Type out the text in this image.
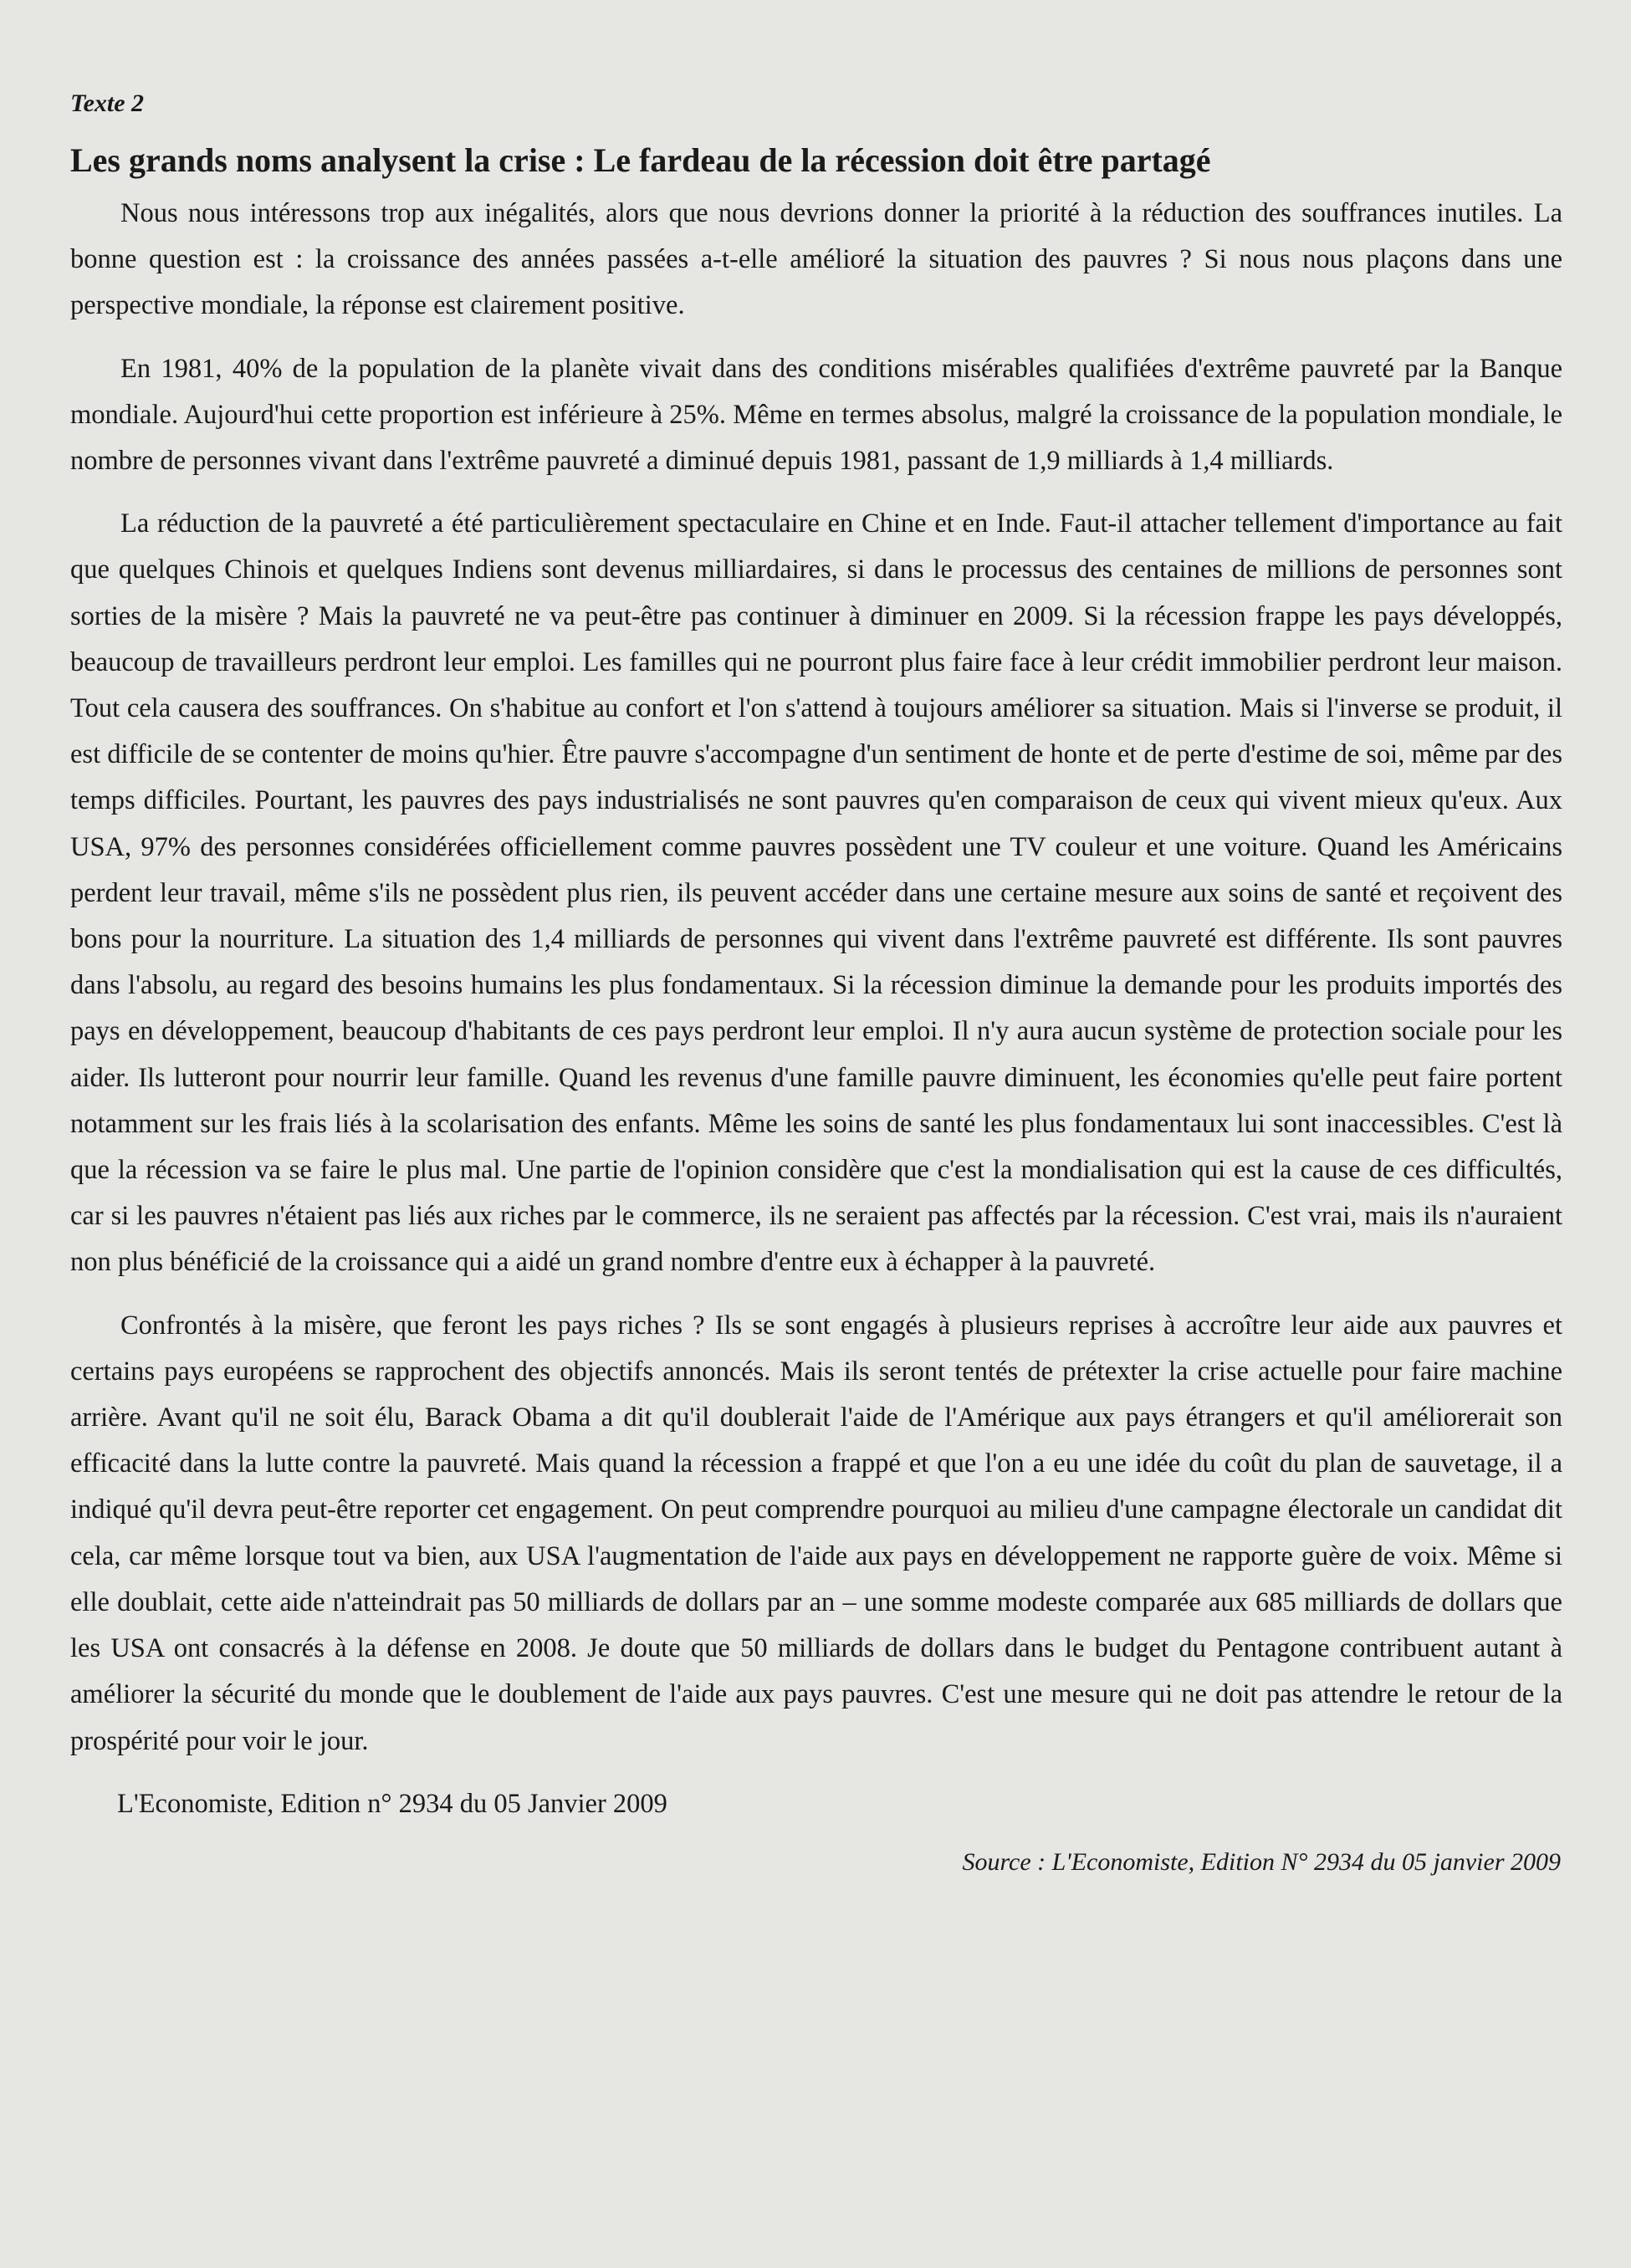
Texte 2
Les grands noms analysent la crise : Le fardeau de la récession doit être partagé

Nous nous intéressons trop aux inégalités, alors que nous devrions donner la priorité à la réduction des souffrances inutiles. La bonne question est : la croissance des années passées a-t-elle amélioré la situation des pauvres ? Si nous nous plaçons dans une perspective mondiale, la réponse est clairement positive.

En 1981, 40% de la population de la planète vivait dans des conditions misérables qualifiées d'extrême pauvreté par la Banque mondiale. Aujourd'hui cette proportion est inférieure à 25%. Même en termes absolus, malgré la croissance de la population mondiale, le nombre de personnes vivant dans l'extrême pauvreté a diminué depuis 1981, passant de 1,9 milliards à 1,4 milliards.

La réduction de la pauvreté a été particulièrement spectaculaire en Chine et en Inde. Faut-il attacher tellement d'importance au fait que quelques Chinois et quelques Indiens sont devenus milliardaires, si dans le processus des centaines de millions de personnes sont sorties de la misère ? Mais la pauvreté ne va peut-être pas continuer à diminuer en 2009. Si la récession frappe les pays développés, beaucoup de travailleurs perdront leur emploi. Les familles qui ne pourront plus faire face à leur crédit immobilier perdront leur maison. Tout cela causera des souffrances. On s'habitue au confort et l'on s'attend à toujours améliorer sa situation. Mais si l'inverse se produit, il est difficile de se contenter de moins qu'hier. Être pauvre s'accompagne d'un sentiment de honte et de perte d'estime de soi, même par des temps difficiles. Pourtant, les pauvres des pays industrialisés ne sont pauvres qu'en comparaison de ceux qui vivent mieux qu'eux. Aux USA, 97% des personnes considérées officiellement comme pauvres possèdent une TV couleur et une voiture. Quand les Américains perdent leur travail, même s'ils ne possèdent plus rien, ils peuvent accéder dans une certaine mesure aux soins de santé et reçoivent des bons pour la nourriture. La situation des 1,4 milliards de personnes qui vivent dans l'extrême pauvreté est différente. Ils sont pauvres dans l'absolu, au regard des besoins humains les plus fondamentaux. Si la récession diminue la demande pour les produits importés des pays en développement, beaucoup d'habitants de ces pays perdront leur emploi. Il n'y aura aucun système de protection sociale pour les aider. Ils lutteront pour nourrir leur famille. Quand les revenus d'une famille pauvre diminuent, les économies qu'elle peut faire portent notamment sur les frais liés à la scolarisation des enfants. Même les soins de santé les plus fondamentaux lui sont inaccessibles. C'est là que la récession va se faire le plus mal. Une partie de l'opinion considère que c'est la mondialisation qui est la cause de ces difficultés, car si les pauvres n'étaient pas liés aux riches par le commerce, ils ne seraient pas affectés par la récession. C'est vrai, mais ils n'auraient non plus bénéficié de la croissance qui a aidé un grand nombre d'entre eux à échapper à la pauvreté.

Confrontés à la misère, que feront les pays riches ? Ils se sont engagés à plusieurs reprises à accroître leur aide aux pauvres et certains pays européens se rapprochent des objectifs annoncés. Mais ils seront tentés de prétexter la crise actuelle pour faire machine arrière. Avant qu'il ne soit élu, Barack Obama a dit qu'il doublerait l'aide de l'Amérique aux pays étrangers et qu'il améliorerait son efficacité dans la lutte contre la pauvreté. Mais quand la récession a frappé et que l'on a eu une idée du coût du plan de sauvetage, il a indiqué qu'il devra peut-être reporter cet engagement. On peut comprendre pourquoi au milieu d'une campagne électorale un candidat dit cela, car même lorsque tout va bien, aux USA l'augmentation de l'aide aux pays en développement ne rapporte guère de voix. Même si elle doublait, cette aide n'atteindrait pas 50 milliards de dollars par an – une somme modeste comparée aux 685 milliards de dollars que les USA ont consacrés à la défense en 2008. Je doute que 50 milliards de dollars dans le budget du Pentagone contribuent autant à améliorer la sécurité du monde que le doublement de l'aide aux pays pauvres. C'est une mesure qui ne doit pas attendre le retour de la prospérité pour voir le jour.

L'Economiste, Edition n° 2934 du 05 Janvier 2009
Source : L'Economiste, Edition N° 2934 du 05 janvier 2009
